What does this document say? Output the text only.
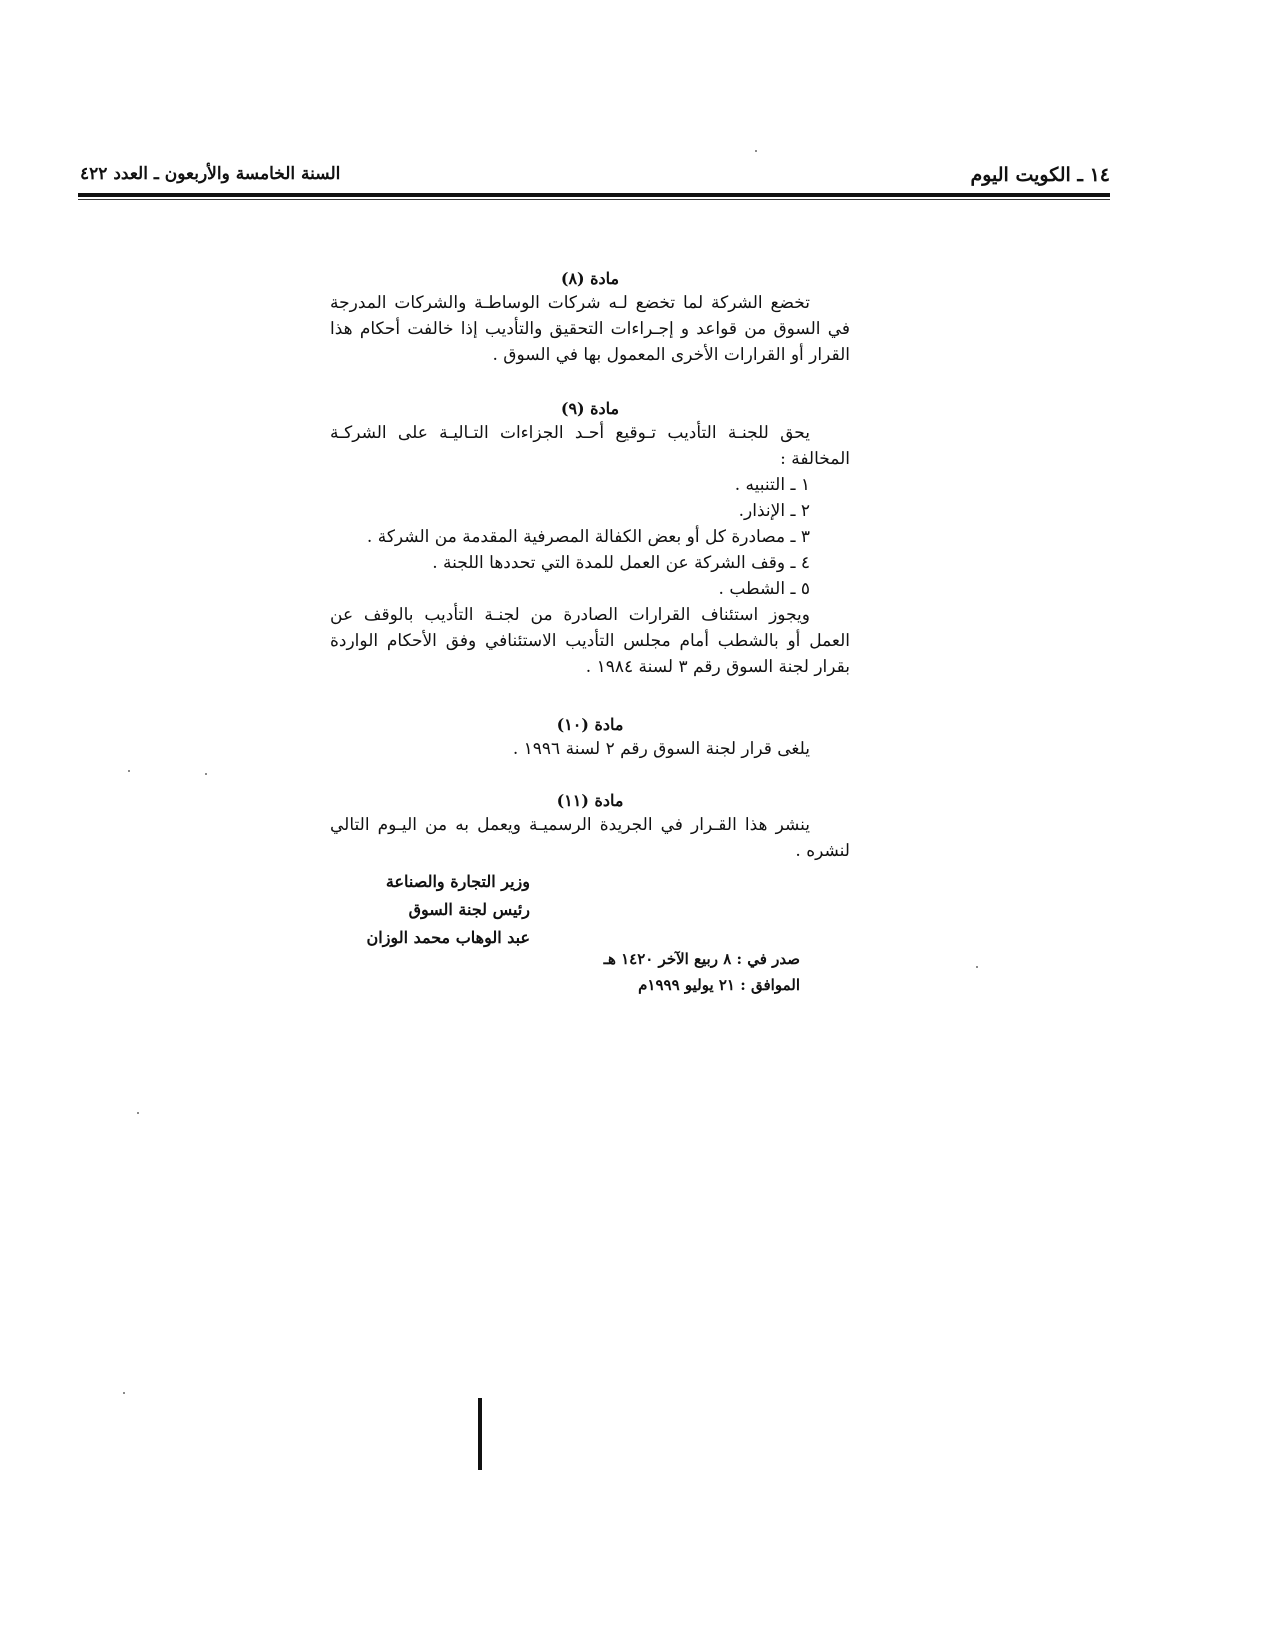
١٤ ـ الكويت اليوم
السنة الخامسة والأربعون ـ العدد ٤٢٢

مادة (٨)

تخضع الشركة لما تخضع لـه شركات الوساطـة والشركات المدرجة في السوق من قواعد و إجـراءات التحقيق والتأديب إذا خالفت أحكام هذا القرار أو القرارات الأخرى المعمول بها في السوق .

مادة (٩)

يحق للجنـة التأديب تـوقيع أحـد الجزاءات التـاليـة على الشركـة المخالفة :

١ ـ التنبيه .

٢ ـ الإنذار.

٣ ـ مصادرة كل أو بعض الكفالة المصرفية المقدمة من الشركة .

٤ ـ وقف الشركة عن العمل للمدة التي تحددها اللجنة .

٥ ـ الشطب .

ويجوز استئناف القرارات الصادرة من لجنـة التأديب بالوقف عن العمل أو بالشطب أمام مجلس التأديب الاستئنافي وفق الأحكام الواردة بقرار لجنة السوق رقم ٣ لسنة ١٩٨٤ .

مادة (١٠)

يلغى قرار لجنة السوق رقم ٢ لسنة ١٩٩٦ .

مادة (١١)

ينشر هذا القـرار في الجريدة الرسميـة ويعمل به من اليـوم التالي لنشره .

وزير التجارة والصناعة
رئيس لجنة السوق
عبد الوهاب محمد الوزان
صدر في : ٨ ربيع الآخر ١٤٢٠ هـ
الموافق : ٢١ يوليو ١٩٩٩م
